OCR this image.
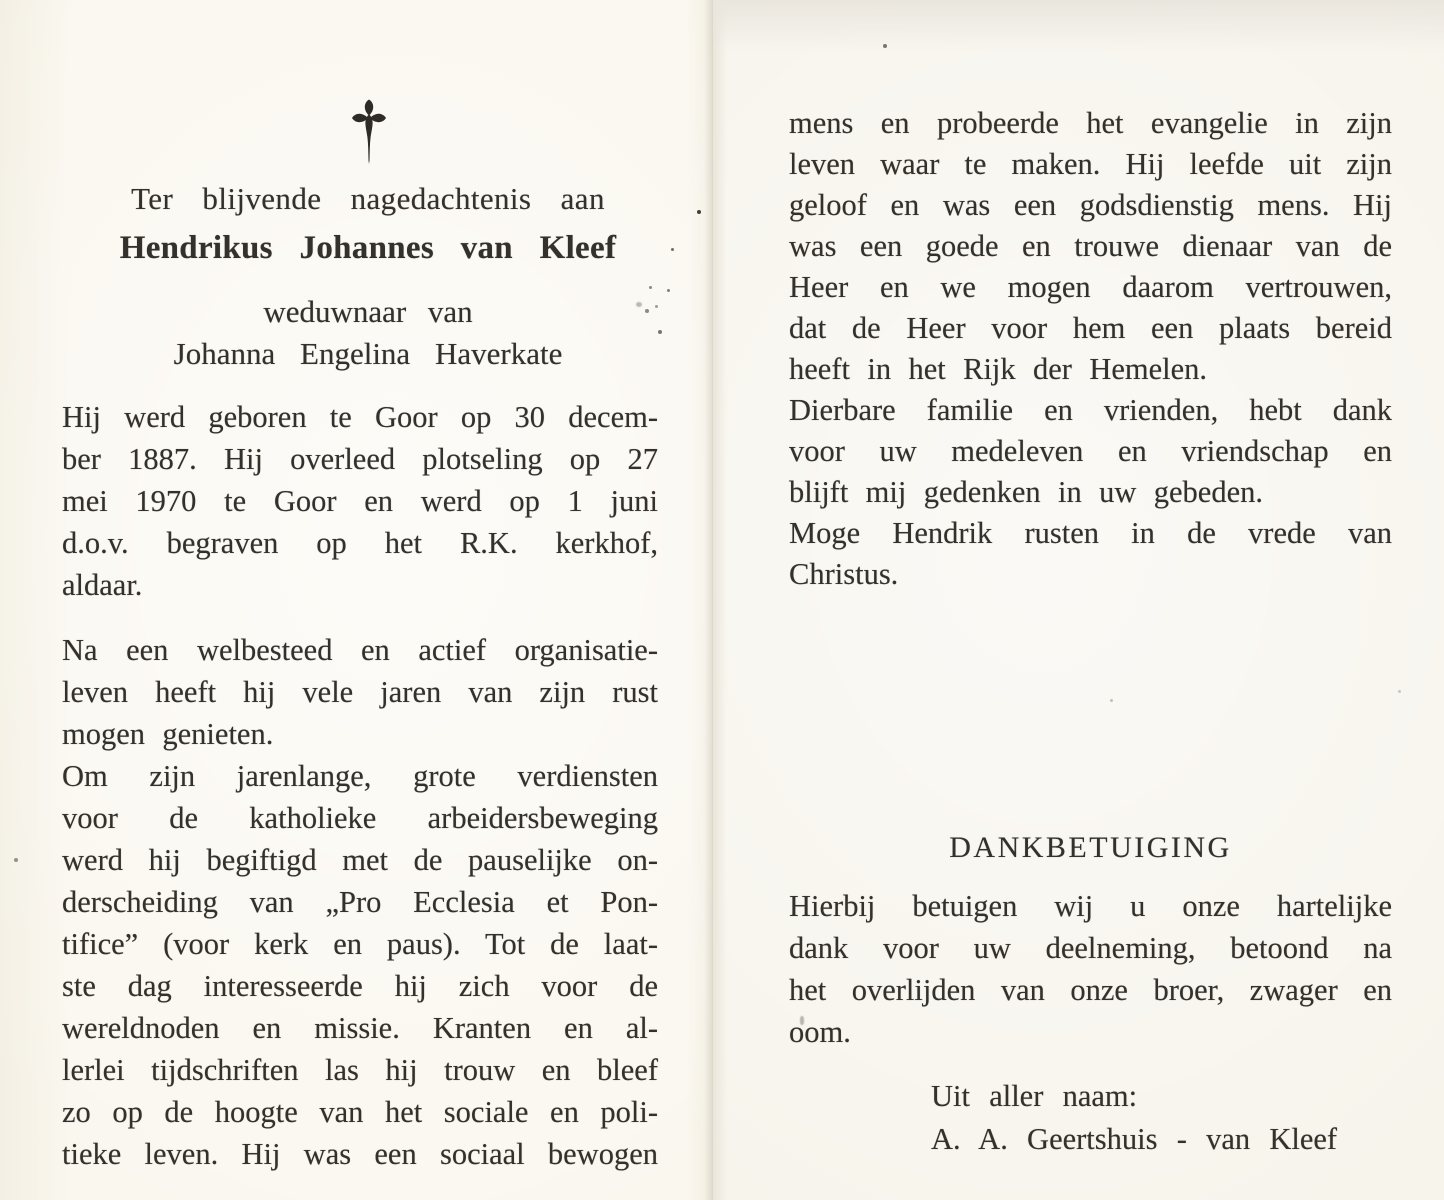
Ter blijvende nagedachtenis aan
Hendrikus Johannes van Kleef
weduwnaar van
Johanna Engelina Haverkate
Hij werd geboren te Goor op 30 decem-
ber 1887. Hij overleed plotseling op 27
mei 1970 te Goor en werd op 1 juni
d.o.v. begraven op het R.K. kerkhof,
aldaar.
Na een welbesteed en actief organisatie-
leven heeft hij vele jaren van zijn rust
mogen genieten.
Om zijn jarenlange, grote verdiensten
voor de katholieke arbeidersbeweging
werd hij begiftigd met de pauselijke on-
derscheiding van „Pro Ecclesia et Pon-
tifice” (voor kerk en paus). Tot de laat-
ste dag interesseerde hij zich voor de
wereldnoden en missie. Kranten en al-
lerlei tijdschriften las hij trouw en bleef
zo op de hoogte van het sociale en poli-
tieke leven. Hij was een sociaal bewogen
mens en probeerde het evangelie in zijn
leven waar te maken. Hij leefde uit zijn
geloof en was een godsdienstig mens. Hij
was een goede en trouwe dienaar van de
Heer en we mogen daarom vertrouwen,
dat de Heer voor hem een plaats bereid
heeft in het Rijk der Hemelen.
Dierbare familie en vrienden, hebt dank
voor uw medeleven en vriendschap en
blijft mij gedenken in uw gebeden.
Moge Hendrik rusten in de vrede van
Christus.
DANKBETUIGING
Hierbij betuigen wij u onze hartelijke
dank voor uw deelneming, betoond na
het overlijden van onze broer, zwager en
oom.
Uit aller naam:
A. A. Geertshuis - van Kleef
